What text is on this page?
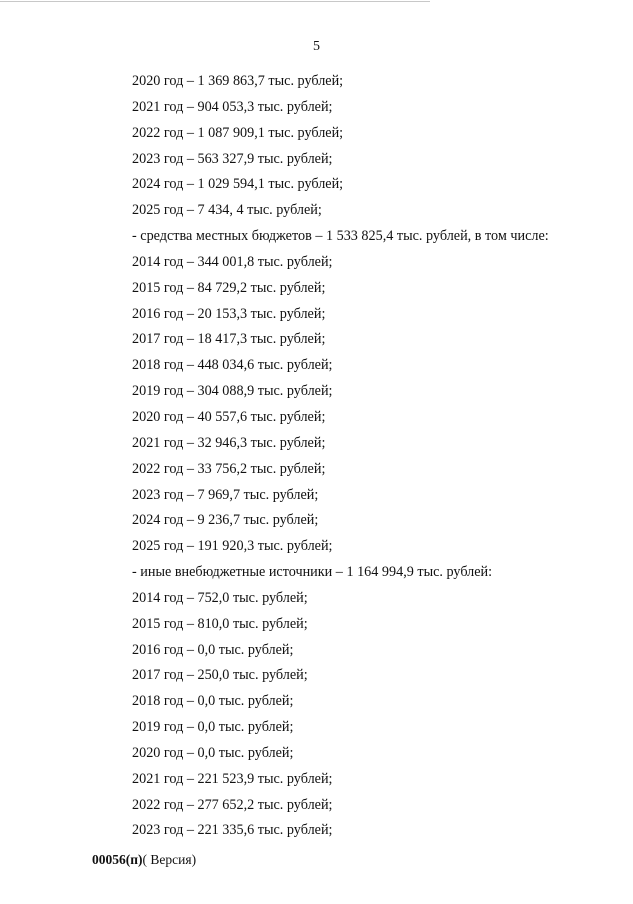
5
2020 год – 1 369 863,7 тыс. рублей;
2021 год – 904 053,3 тыс. рублей;
2022 год – 1 087 909,1 тыс. рублей;
2023 год – 563 327,9 тыс. рублей;
2024 год – 1 029 594,1 тыс. рублей;
2025 год – 7 434, 4 тыс. рублей;
- средства местных бюджетов – 1 533 825,4 тыс. рублей, в том числе:
2014 год – 344 001,8 тыс. рублей;
2015 год – 84 729,2 тыс. рублей;
2016 год – 20 153,3 тыс. рублей;
2017 год – 18 417,3 тыс. рублей;
2018 год – 448 034,6 тыс. рублей;
2019 год – 304 088,9 тыс. рублей;
2020 год – 40 557,6 тыс. рублей;
2021 год – 32 946,3 тыс. рублей;
2022 год – 33 756,2 тыс. рублей;
2023 год – 7 969,7 тыс. рублей;
2024 год – 9 236,7 тыс. рублей;
2025 год – 191 920,3 тыс. рублей;
- иные внебюджетные источники – 1 164 994,9 тыс. рублей:
2014 год – 752,0 тыс. рублей;
2015 год – 810,0 тыс. рублей;
2016 год – 0,0 тыс. рублей;
2017 год – 250,0 тыс. рублей;
2018 год – 0,0 тыс. рублей;
2019 год – 0,0 тыс. рублей;
2020 год – 0,0 тыс. рублей;
2021 год – 221 523,9 тыс. рублей;
2022 год – 277 652,2 тыс. рублей;
2023 год – 221 335,6 тыс. рублей;
00056(п)( Версия)
